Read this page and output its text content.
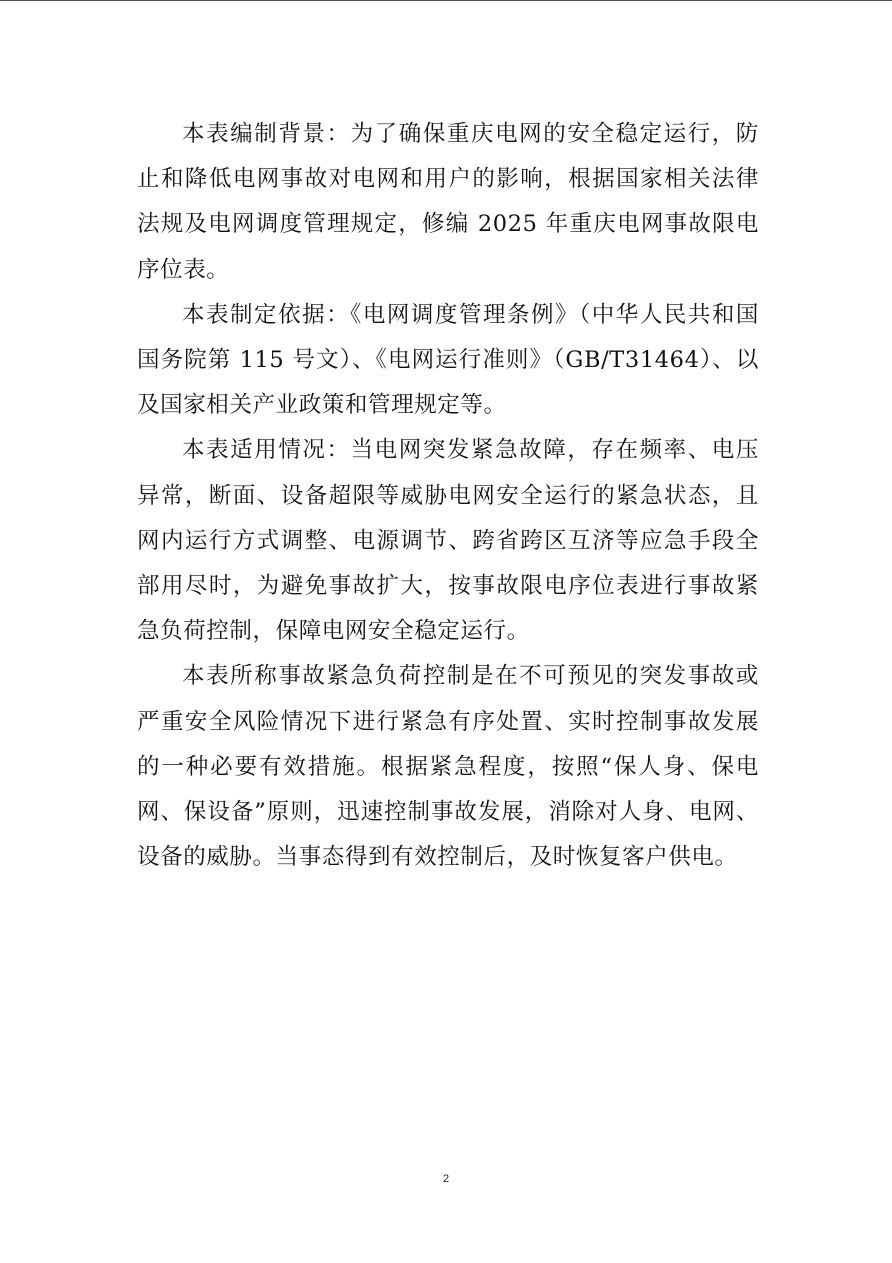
本表编制背景：为了确保重庆电网的安全稳定运行，防止和降低电网事故对电网和用户的影响，根据国家相关法律法规及电网调度管理规定，修编 2025 年重庆电网事故限电序位表。

本表制定依据：《电网调度管理条例》（中华人民共和国国务院第 115 号文）、《电网运行准则》（GB/T31464）、以及国家相关产业政策和管理规定等。

本表适用情况：当电网突发紧急故障，存在频率、电压异常，断面、设备超限等威胁电网安全运行的紧急状态，且网内运行方式调整、电源调节、跨省跨区互济等应急手段全部用尽时，为避免事故扩大，按事故限电序位表进行事故紧急负荷控制，保障电网安全稳定运行。

本表所称事故紧急负荷控制是在不可预见的突发事故或严重安全风险情况下进行紧急有序处置、实时控制事故发展的一种必要有效措施。根据紧急程度，按照“保人身、保电网、保设备”原则，迅速控制事故发展，消除对人身、电网、设备的威胁。当事态得到有效控制后，及时恢复客户供电。

2
